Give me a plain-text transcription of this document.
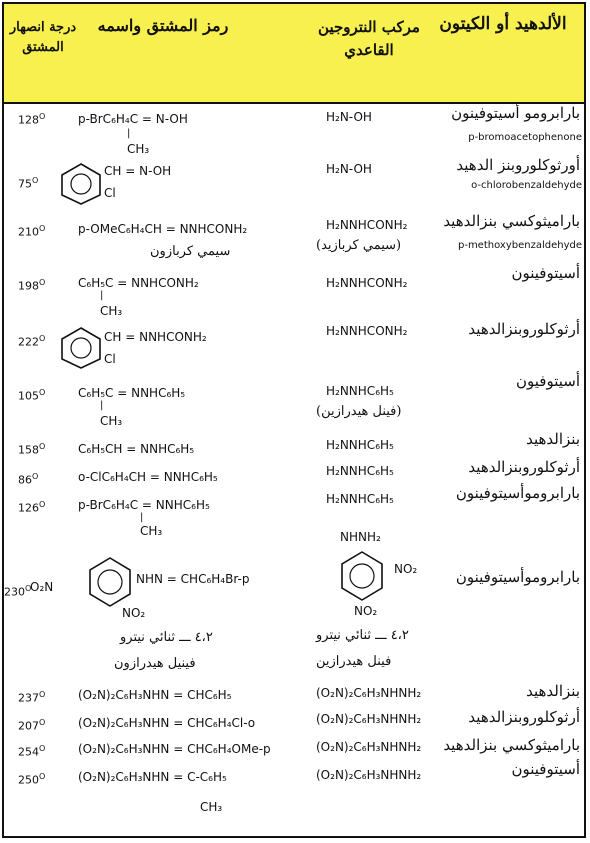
الألدهيد أو الكيتون
مركب النتروجين القاعدي
رمز المشتق واسمه
درجة انصهار المشتق
بارابرومو أسيتوفينون
p-bromoacetophenone
H₂N-OH
p-BrC₆H₄C = N-OH
|
CH₃
$128^O$
أورثوكلوروبنز الدهيد
o-chlorobenzaldehyde
H₂N-OH
CH = N-OH
Cl
$75^O$
باراميثوكسي بنزالدهيد
p-methoxybenzaldehyde
H₂NNHCONH₂
(سيمي كربازيد)
p-OMeC₆H₄CH = NNHCONH₂
سيمي كربازون
$210^O$
أسيتوفينون
H₂NNHCONH₂
C₆H₅C = NNHCONH₂
|
CH₃
$198^O$
أرثوكلوروبنزالدهيد
H₂NNHCONH₂
CH = NNHCONH₂
Cl
$222^O$
أسيتوفيون
H₂NNHC₆H₅
(فينل هيدرازين)
C₆H₅C = NNHC₆H₅
|
CH₃
$105^O$
بنزالدهيد
H₂NNHC₆H₅
C₆H₅CH = NNHC₆H₅
$158^O$
أرثوكلوروبنزالدهيد
H₂NNHC₆H₅
o-ClC₆H₄CH = NNHC₆H₅
$86^O$
بارابروموأسيتوفينون
H₂NNHC₆H₅
p-BrC₆H₄C = NNHC₆H₅
|
CH₃
$126^O$
بارابروموأسيتوفينون
NHNH₂
NO₂
NO₂
٤،٢ ـــ ثنائي نيترو
فينل هيدرازين
O₂N
NHN = CHC₆H₄Br-p
NO₂
٤،٢ ـــ ثنائي نيترو
فينيل هيدرازون
$230^O$
بنزالدهيد
(O₂N)₂C₆H₃NHNH₂
(O₂N)₂C₆H₃NHN = CHC₆H₅
$237^O$
أرثوكلوروبنزالدهيد
(O₂N)₂C₆H₃NHNH₂
(O₂N)₂C₆H₃NHN = CHC₆H₄Cl-o
$207^O$
باراميثوكسي بنزالدهيد
(O₂N)₂C₆H₃NHNH₂
(O₂N)₂C₆H₃NHN = CHC₆H₄OMe-p
$254^O$
أسيتوفينون
(O₂N)₂C₆H₃NHNH₂
(O₂N)₂C₆H₃NHN = C-C₆H₅
CH₃
$250^O$
